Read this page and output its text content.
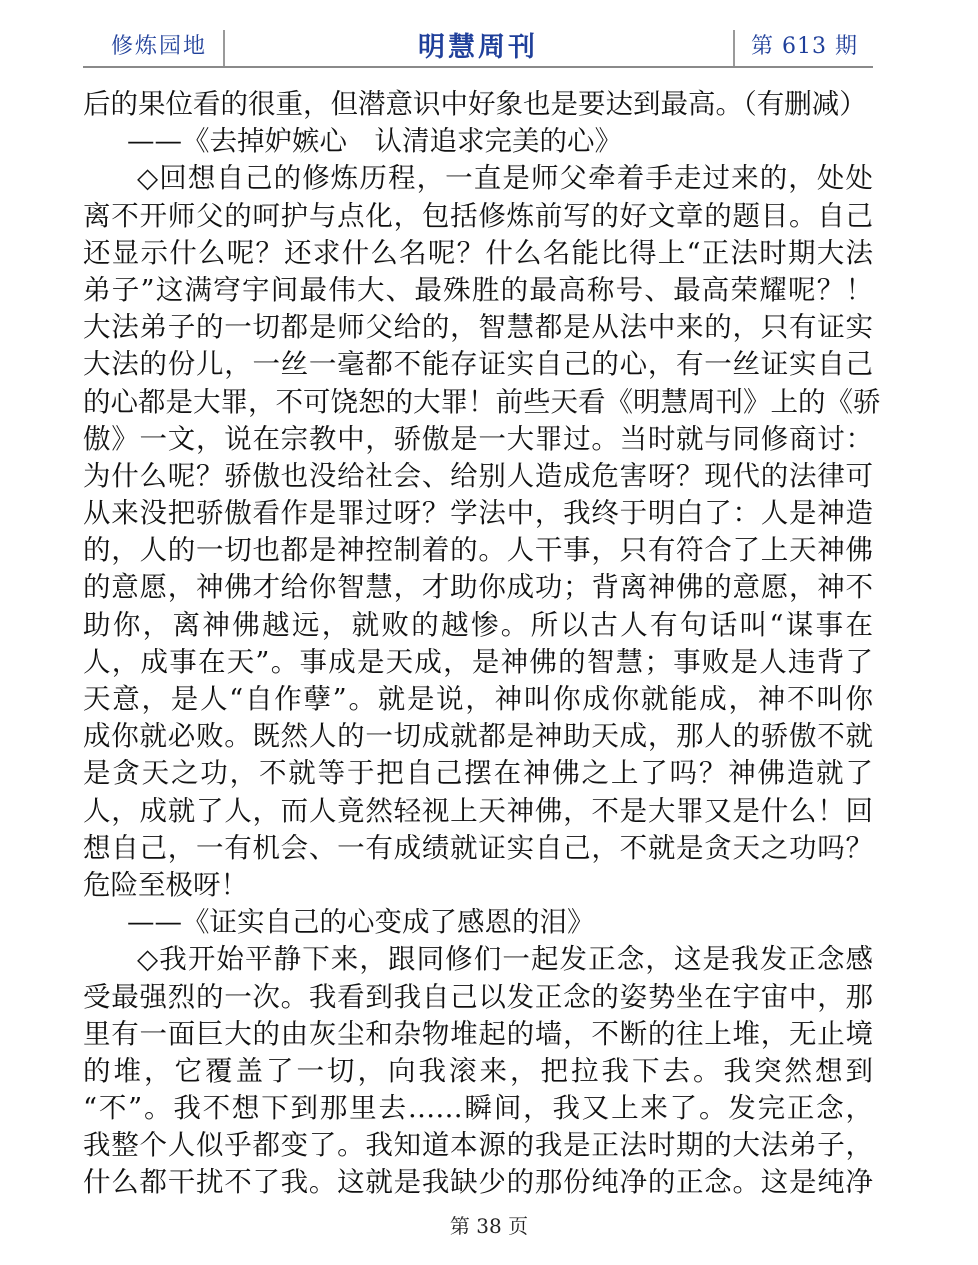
修炼园地	明慧周刊	第 613 期
后的果位看的很重，但潜意识中好象也是要达到最高。（有删减）
——《去掉妒嫉心　认清追求完美的心》
◇回想自己的修炼历程，一直是师父牵着手走过来的，处处
离不开师父的呵护与点化，包括修炼前写的好文章的题目。自己
还显示什么呢？还求什么名呢？什么名能比得上“正法时期大法
弟子”这满穹宇间最伟大、最殊胜的最高称号、最高荣耀呢？！
大法弟子的一切都是师父给的，智慧都是从法中来的，只有证实
大法的份儿，一丝一毫都不能存证实自己的心，有一丝证实自己
的心都是大罪，不可饶恕的大罪！前些天看《明慧周刊》上的《骄
傲》一文，说在宗教中，骄傲是一大罪过。当时就与同修商讨：
为什么呢？骄傲也没给社会、给别人造成危害呀？现代的法律可
从来没把骄傲看作是罪过呀？学法中，我终于明白了：人是神造
的，人的一切也都是神控制着的。人干事，只有符合了上天神佛
的意愿，神佛才给你智慧，才助你成功；背离神佛的意愿，神不
助你，离神佛越远，就败的越惨。所以古人有句话叫“谋事在
人，成事在天”。事成是天成，是神佛的智慧；事败是人违背了
天意，是人“自作孽”。就是说，神叫你成你就能成，神不叫你
成你就必败。既然人的一切成就都是神助天成，那人的骄傲不就
是贪天之功，不就等于把自己摆在神佛之上了吗？神佛造就了
人，成就了人，而人竟然轻视上天神佛，不是大罪又是什么！回
想自己，一有机会、一有成绩就证实自己，不就是贪天之功吗？
危险至极呀！
——《证实自己的心变成了感恩的泪》
◇我开始平静下来，跟同修们一起发正念，这是我发正念感
受最强烈的一次。我看到我自己以发正念的姿势坐在宇宙中，那
里有一面巨大的由灰尘和杂物堆起的墙，不断的往上堆，无止境
的堆，它覆盖了一切，向我滚来，把拉我下去。我突然想到
“不”。我不想下到那里去……瞬间，我又上来了。发完正念，
我整个人似乎都变了。我知道本源的我是正法时期的大法弟子，
什么都干扰不了我。这就是我缺少的那份纯净的正念。这是纯净
第 38 页
